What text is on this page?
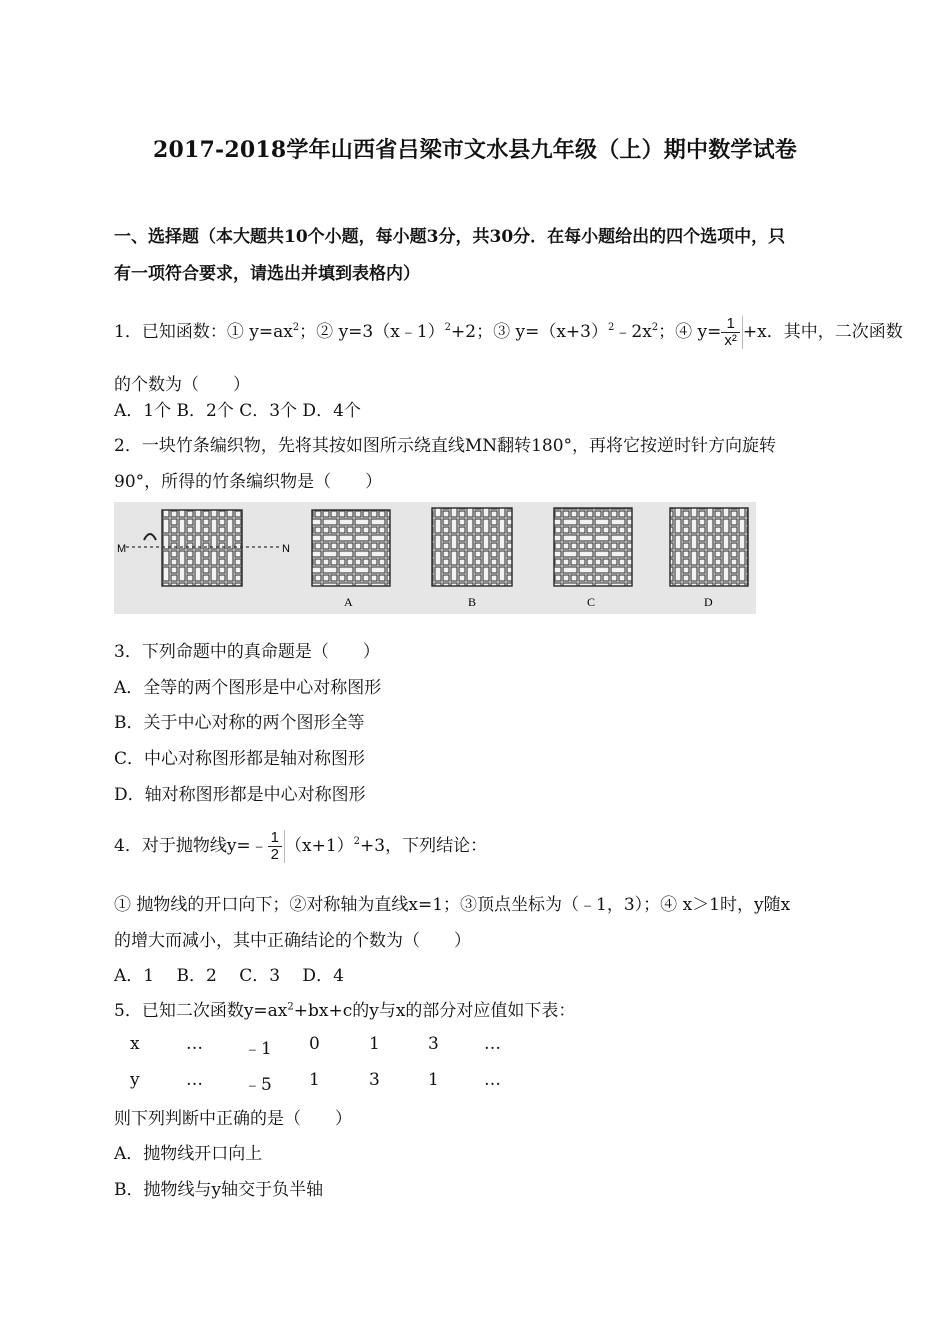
2017-2018学年山西省吕梁市文水县九年级（上）期中数学试卷
一、选择题（本大题共10个小题，每小题3分，共30分．在每小题给出的四个选项中，只
有一项符合要求，请选出并填到表格内）
1．已知函数：① $y=ax^2$；② y=3（x﹣1）$^2$+2；③ $y=(x+3)^2﹣2x^2$；④ $y= \frac{1}{\text{x²}} +x$．其中，二次函数
的个数为（　　）
A．1个 B．2个 C．3个 D．4个
2．一块竹条编织物，先将其按如图所示绕直线MN翻转180°，再将它按逆时针方向旋转
90°，所得的竹条编织物是（　　）
M	N
A	B	C	D
3．下列命题中的真命题是（　　）
A．全等的两个图形是中心对称图形
B．关于中心对称的两个图形全等
C．中心对称图形都是轴对称图形
D．轴对称图形都是中心对称图形
4．对于抛物线y=﹣ $\frac{1}{2} (x+1)^2+3$，下列结论：
① 抛物线的开口向下；②对称轴为直线x=1；③顶点坐标为（﹣1，3）；④ x＞1时，y随x
的增大而减小，其中正确结论的个数为（　　）
A．1　 B．2　 C．3　 D．4
5．已知二次函数$y=ax^2+bx+c$的y与x的部分对应值如下表：
x	… ﹣1 0	1	3	…
y	… ﹣5 1	3	1	…
则下列判断中正确的是（　　）
A．抛物线开口向上
B．抛物线与y轴交于负半轴
